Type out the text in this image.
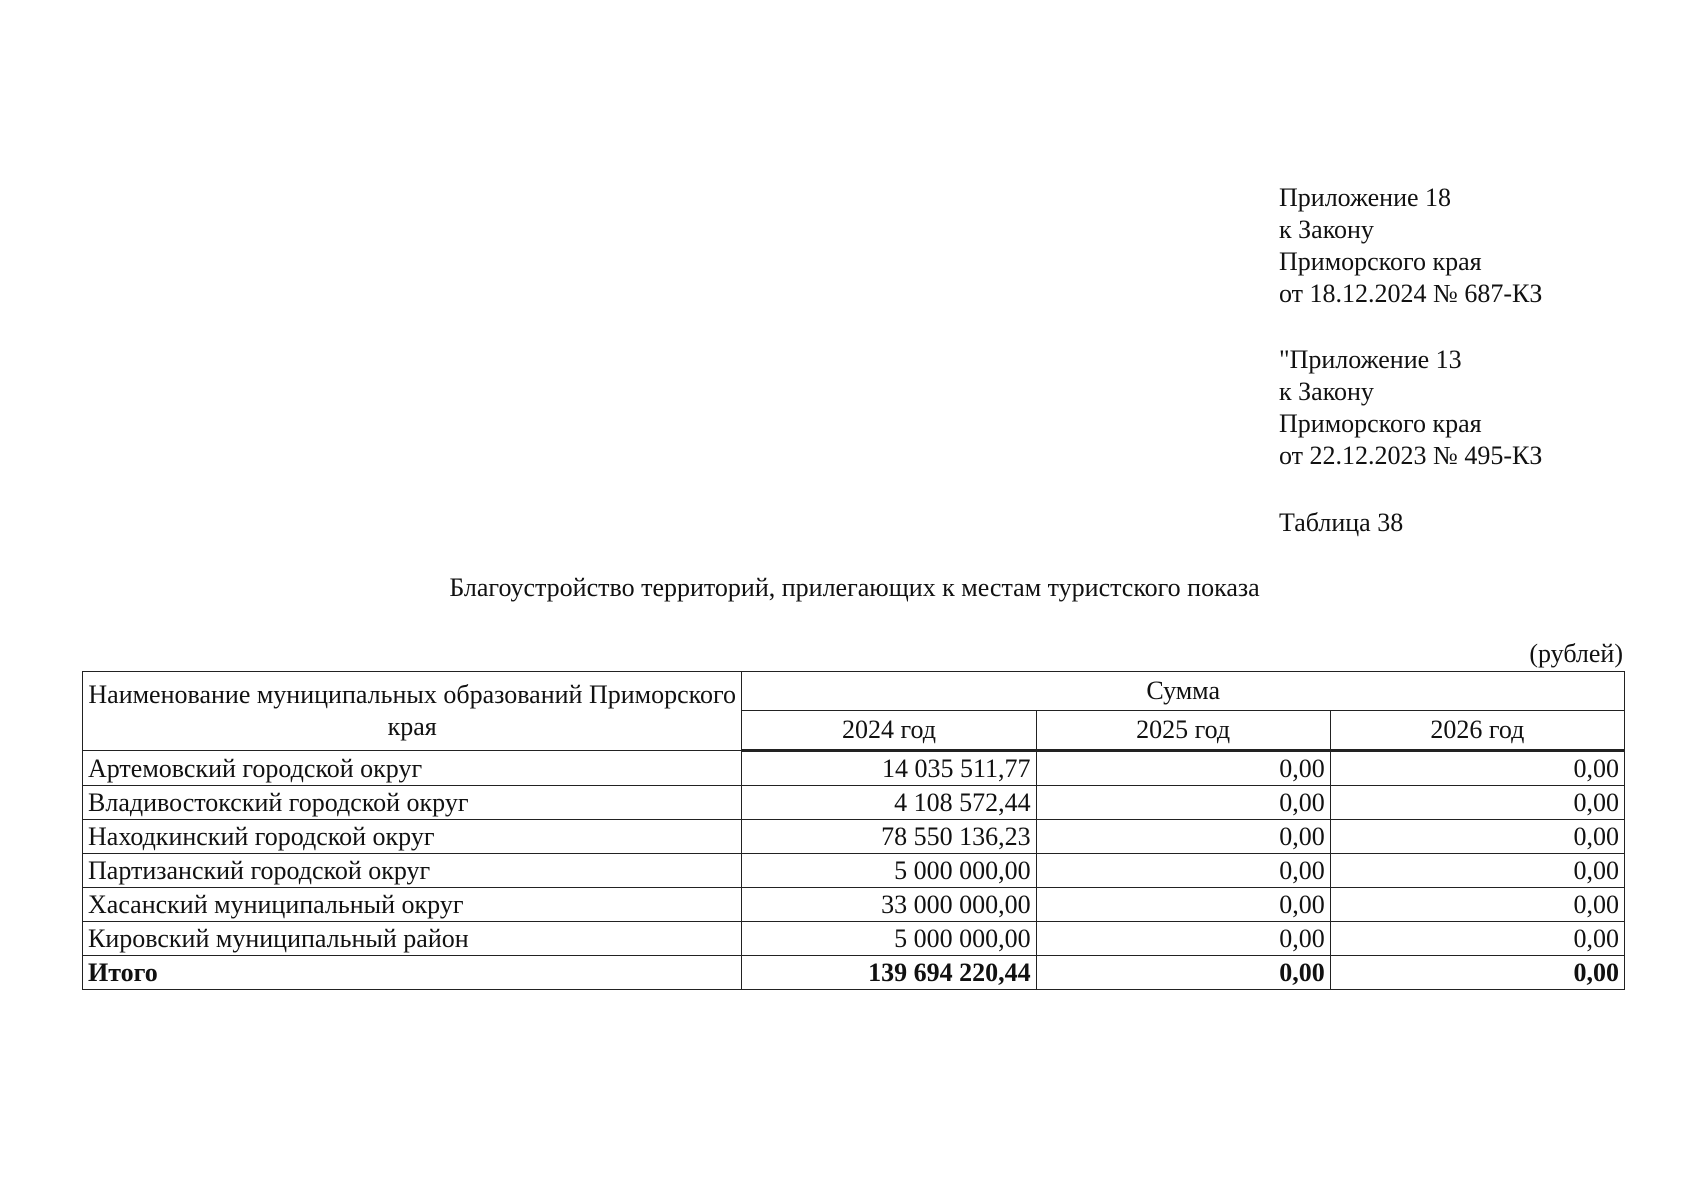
Приложение 18
к Закону
Приморского края
от 18.12.2024 № 687-КЗ
"Приложение 13
к Закону
Приморского края
от 22.12.2023 № 495-КЗ
Таблица 38
Благоустройство территорий, прилегающих к местам туристского показа
(рублей)
Наименование муниципальных образований Приморского края	Сумма		
	2024 год	2025 год	2026 год
Артемовский городской округ	14 035 511,77	0,00	0,00
Владивостокский городской округ	4 108 572,44	0,00	0,00
Находкинский городской округ	78 550 136,23	0,00	0,00
Партизанский городской округ	5 000 000,00	0,00	0,00
Хасанский муниципальный округ	33 000 000,00	0,00	0,00
Кировский муниципальный район	5 000 000,00	0,00	0,00
Итого	139 694 220,44	0,00	0,00
